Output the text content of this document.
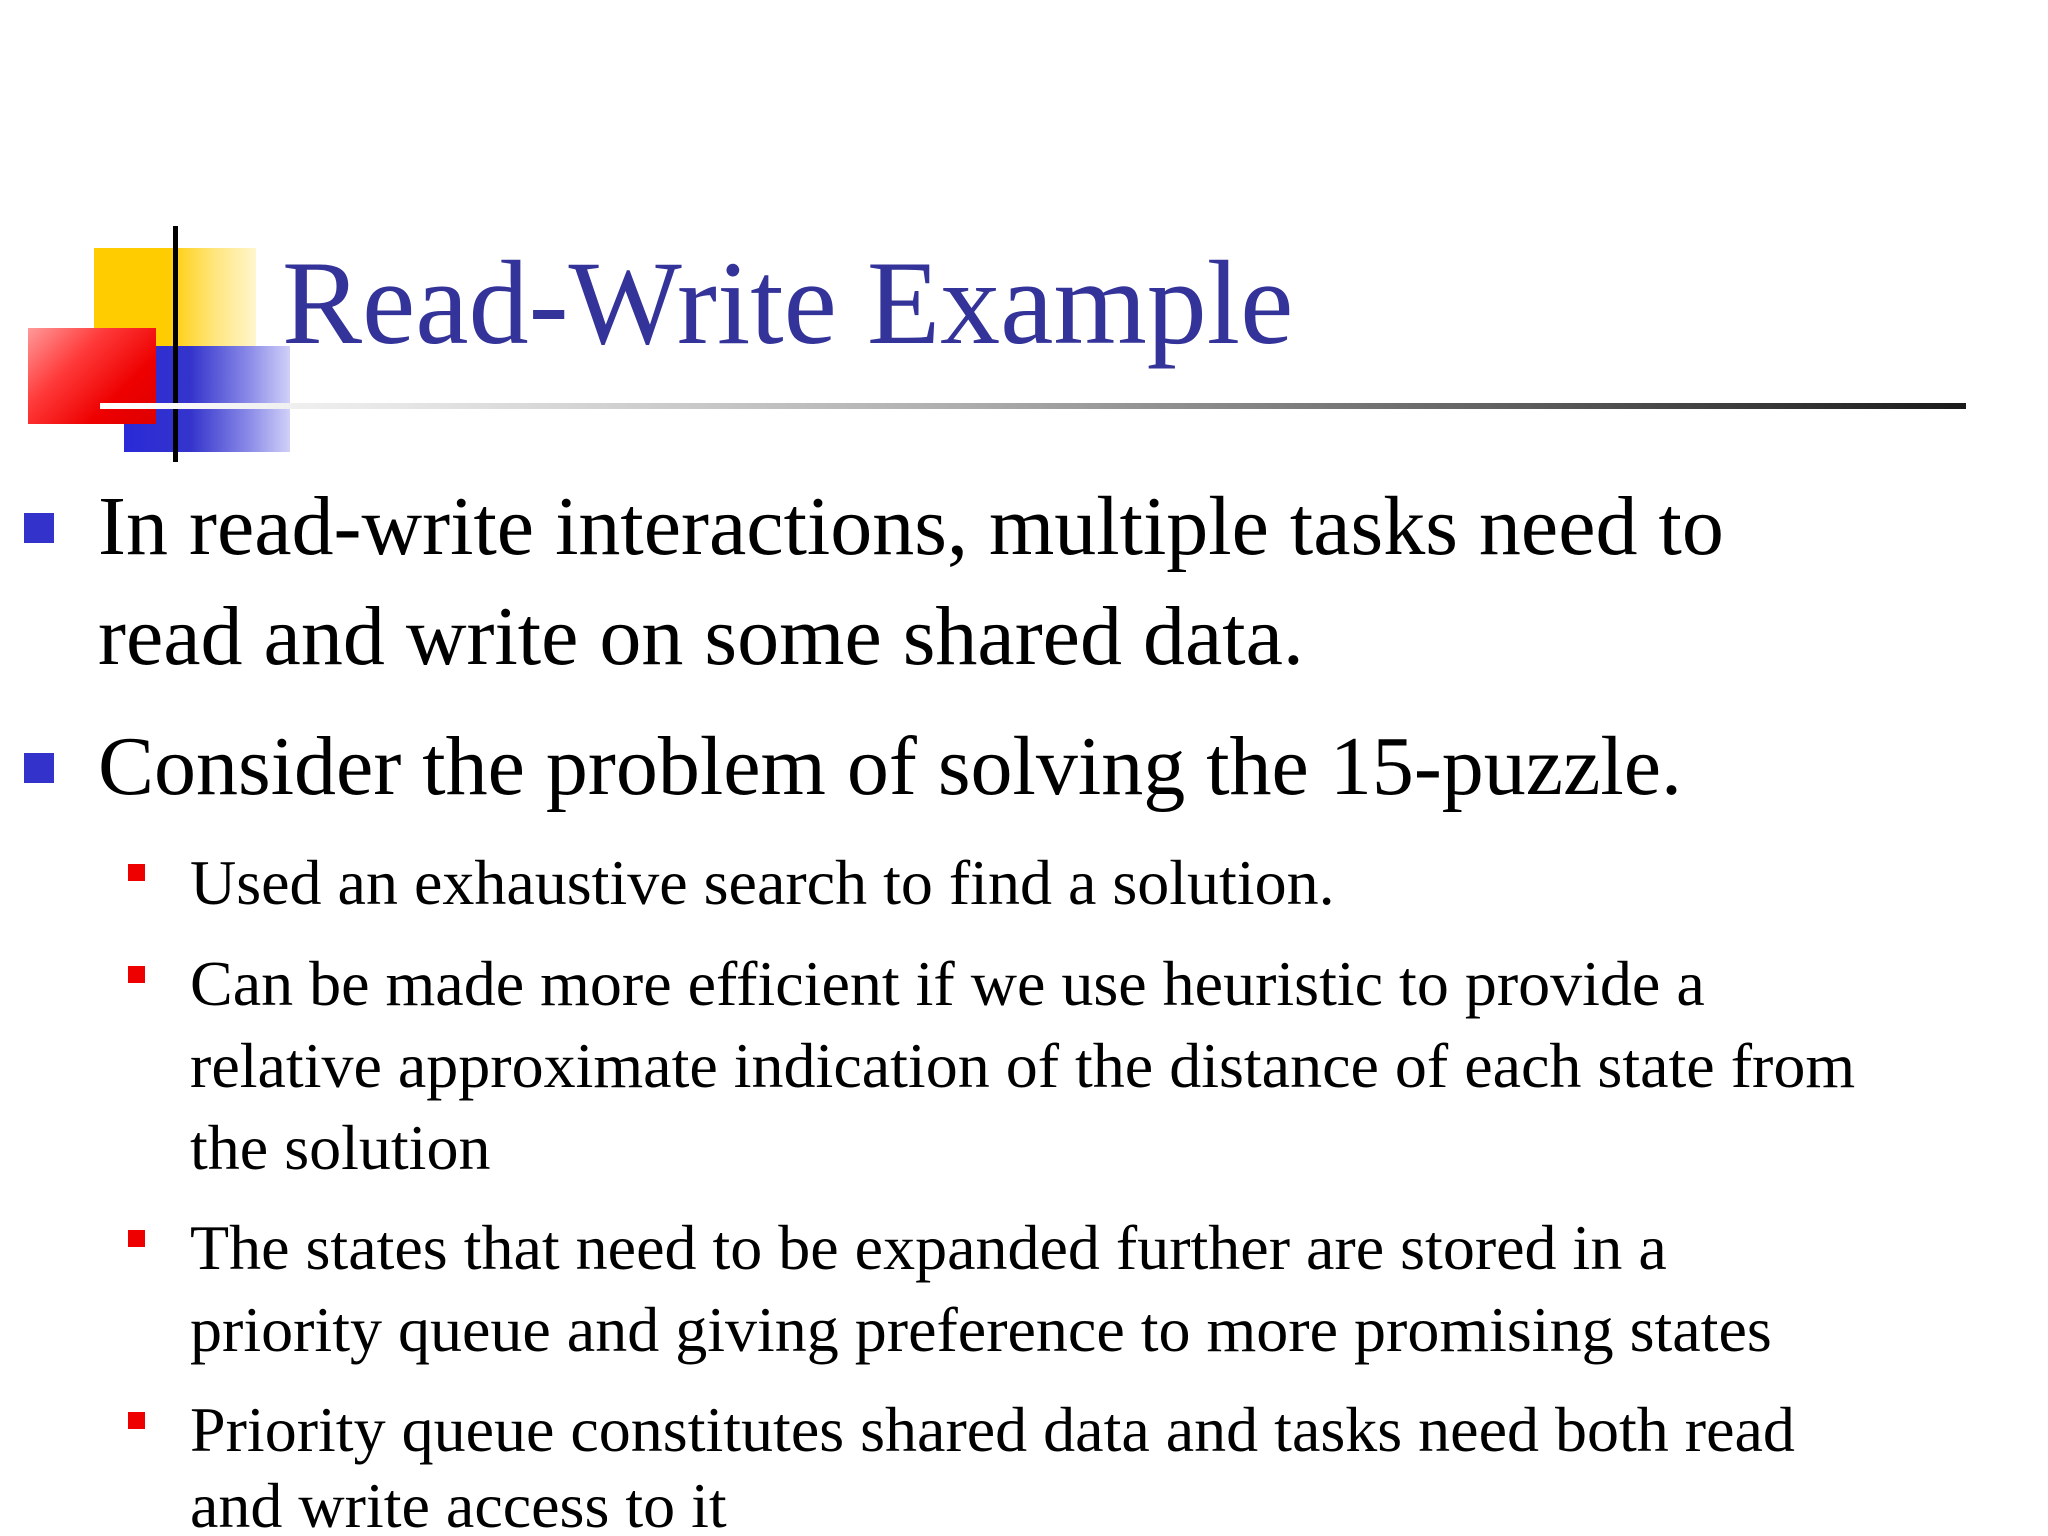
Read-Write Example
In read-write interactions, multiple tasks need to
read and write on some shared data.
Consider the problem of solving the 15-puzzle.
Used an exhaustive search to find a solution.
Can be made more efficient if we use heuristic to provide a
relative approximate indication of the distance of each state from
the solution
The states that need to be expanded further are stored in a
priority queue and giving preference to more promising states
Priority queue constitutes shared data and tasks need both read
and write access to it
